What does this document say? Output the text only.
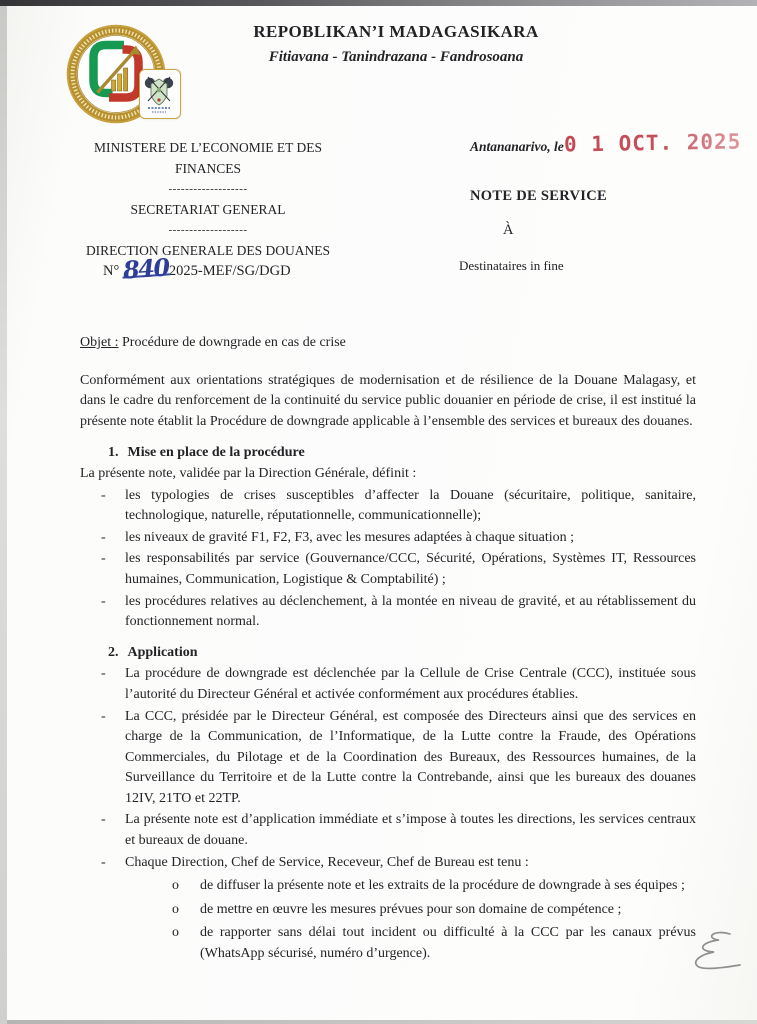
REPOBLIKAN’I MADAGASIKARA
Fitiavana - Tanindrazana - Fandrosoana
MINISTERE DE L’ECONOMIE ET DES FINANCES
-------------------
SECRETARIAT GENERAL
-------------------
DIRECTION GENERALE DES DOUANES
Antananarivo, le 0 1 OCT. 2025
NOTE DE SERVICE
À
Destinataires in fine
N° 8402025-MEF/SG/DGD
Objet : Procédure de downgrade en cas de crise
Conformément aux orientations stratégiques de modernisation et de résilience de la Douane Malagasy, et dans le cadre du renforcement de la continuité du service public douanier en période de crise, il est institué la présente note établit la Procédure de downgrade applicable à l’ensemble des services et bureaux des douanes.
1. Mise en place de la procédure
La présente note, validée par la Direction Générale, définit :
- les typologies de crises susceptibles d’affecter la Douane (sécuritaire, politique, sanitaire, technologique, naturelle, réputationnelle, communicationnelle);
- les niveaux de gravité F1, F2, F3, avec les mesures adaptées à chaque situation ;
- les responsabilités par service (Gouvernance/CCC, Sécurité, Opérations, Systèmes IT, Ressources humaines, Communication, Logistique & Comptabilité) ;
- les procédures relatives au déclenchement, à la montée en niveau de gravité, et au rétablissement du fonctionnement normal.
2. Application
- La procédure de downgrade est déclenchée par la Cellule de Crise Centrale (CCC), instituée sous l’autorité du Directeur Général et activée conformément aux procédures établies.
- La CCC, présidée par le Directeur Général, est composée des Directeurs ainsi que des services en charge de la Communication, de l’Informatique, de la Lutte contre la Fraude, des Opérations Commerciales, du Pilotage et de la Coordination des Bureaux, des Ressources humaines, de la Surveillance du Territoire et de la Lutte contre la Contrebande, ainsi que les bureaux des douanes 12IV, 21TO et 22TP.
- La présente note est d’application immédiate et s’impose à toutes les directions, les services centraux et bureaux de douane.
- Chaque Direction, Chef de Service, Receveur, Chef de Bureau est tenu :
o de diffuser la présente note et les extraits de la procédure de downgrade à ses équipes ;
o de mettre en œuvre les mesures prévues pour son domaine de compétence ;
o de rapporter sans délai tout incident ou difficulté à la CCC par les canaux prévus (WhatsApp sécurisé, numéro d’urgence).
